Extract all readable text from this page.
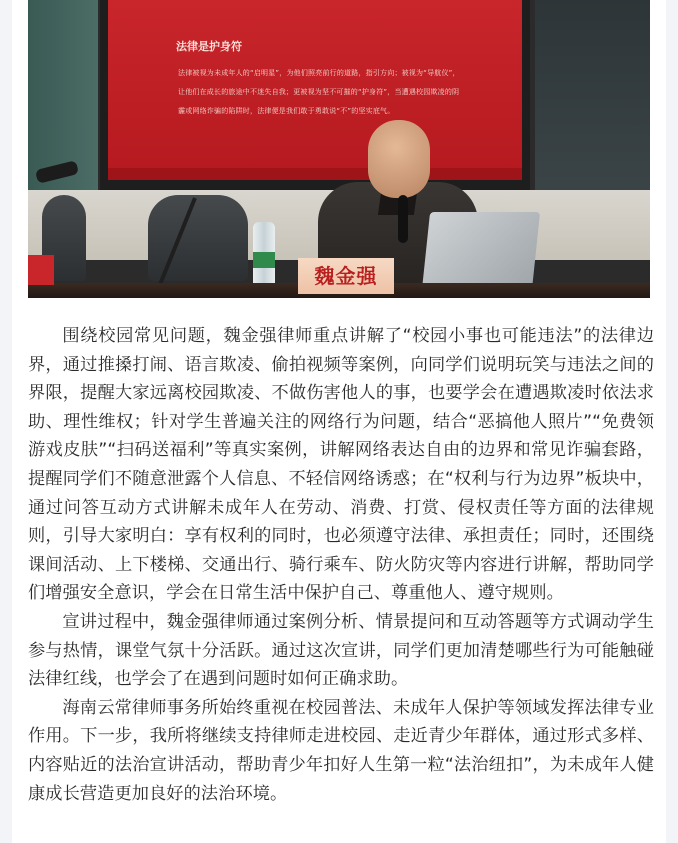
法律是护身符
法律被视为未成年人的“启明星”，为他们照亮前行的道路，指引方向；被视为“导航仪”，让他们在成长的旅途中不迷失自我；更被视为坚不可摧的“护身符”，当遭遇校园欺凌的阴霾或网络诈骗的陷阱时，法律便是我们敢于勇敢说“不”的坚实底气。
魏金强

围绕校园常见问题，魏金强律师重点讲解了“校园小事也可能违法”的法律边界，通过推搡打闹、语言欺凌、偷拍视频等案例，向同学们说明玩笑与违法之间的界限，提醒大家远离校园欺凌、不做伤害他人的事，也要学会在遭遇欺凌时依法求助、理性维权；针对学生普遍关注的网络行为问题，结合“恶搞他人照片”“免费领游戏皮肤”“扫码送福利”等真实案例，讲解网络表达自由的边界和常见诈骗套路，提醒同学们不随意泄露个人信息、不轻信网络诱惑；在“权利与行为边界”板块中，通过问答互动方式讲解未成年人在劳动、消费、打赏、侵权责任等方面的法律规则，引导大家明白：享有权利的同时，也必须遵守法律、承担责任；同时，还围绕课间活动、上下楼梯、交通出行、骑行乘车、防火防灾等内容进行讲解，帮助同学们增强安全意识，学会在日常生活中保护自己、尊重他人、遵守规则。

宣讲过程中，魏金强律师通过案例分析、情景提问和互动答题等方式调动学生参与热情，课堂气氛十分活跃。通过这次宣讲，同学们更加清楚哪些行为可能触碰法律红线，也学会了在遇到问题时如何正确求助。

海南云常律师事务所始终重视在校园普法、未成年人保护等领域发挥法律专业作用。下一步，我所将继续支持律师走进校园、走近青少年群体，通过形式多样、内容贴近的法治宣讲活动，帮助青少年扣好人生第一粒“法治纽扣”，为未成年人健康成长营造更加良好的法治环境。
